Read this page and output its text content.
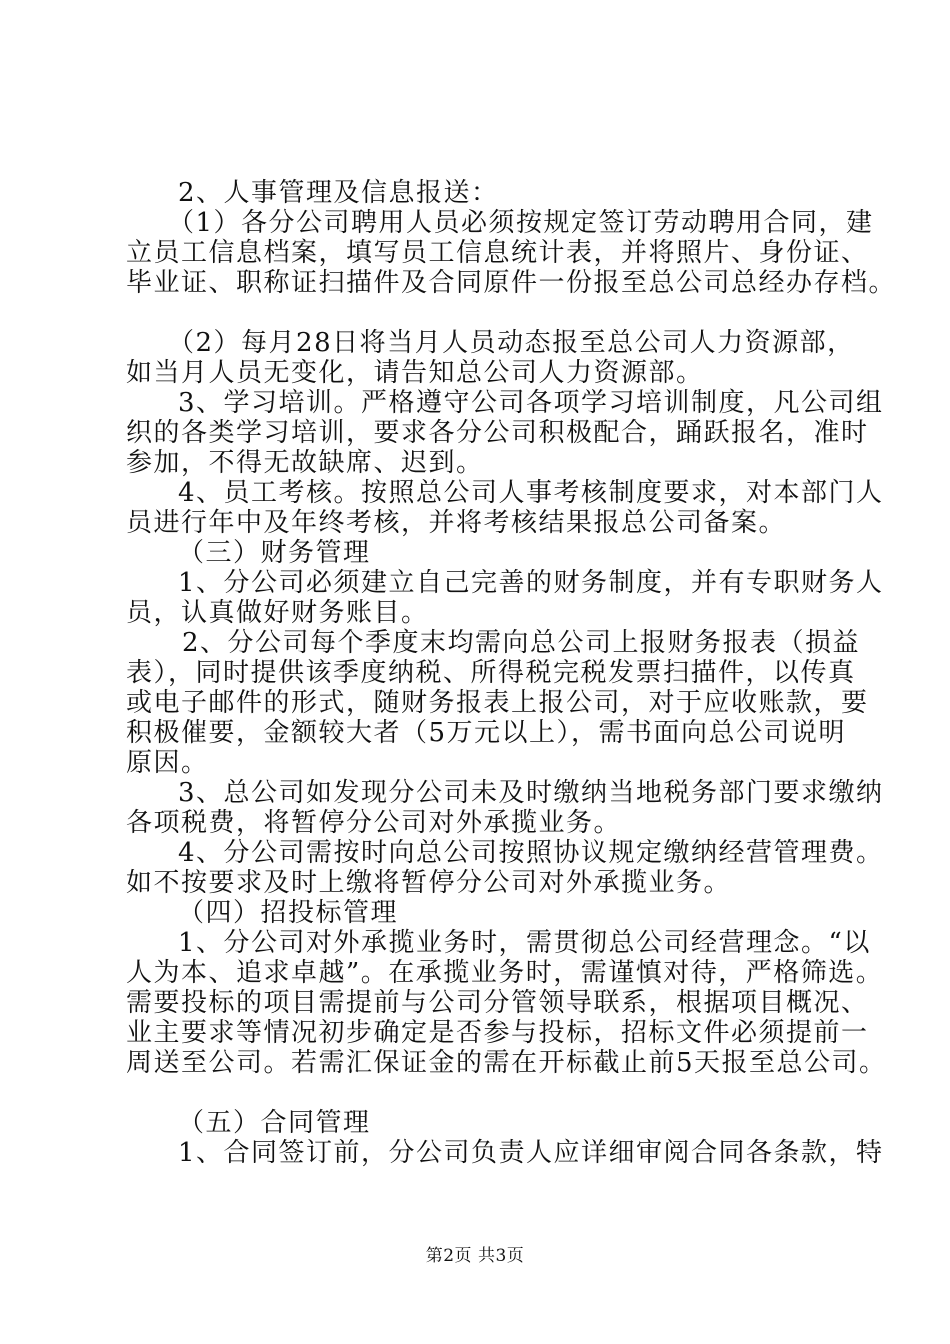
2、人事管理及信息报送：
（1）各分公司聘用人员必须按规定签订劳动聘用合同，建
立员工信息档案，填写员工信息统计表，并将照片、身份证、
毕业证、职称证扫描件及合同原件一份报至总公司总经办存档。
（2）每月28日将当月人员动态报至总公司人力资源部，
如当月人员无变化，请告知总公司人力资源部。
3、学习培训。严格遵守公司各项学习培训制度，凡公司组
织的各类学习培训，要求各分公司积极配合，踊跃报名，准时
参加，不得无故缺席、迟到。
4、员工考核。按照总公司人事考核制度要求，对本部门人
员进行年中及年终考核，并将考核结果报总公司备案。
（三）财务管理
1、分公司必须建立自己完善的财务制度，并有专职财务人
员，认真做好财务账目。
2、分公司每个季度末均需向总公司上报财务报表（损益
表），同时提供该季度纳税、所得税完税发票扫描件，以传真
或电子邮件的形式，随财务报表上报公司，对于应收账款，要
积极催要，金额较大者（5万元以上），需书面向总公司说明
原因。
3、总公司如发现分公司未及时缴纳当地税务部门要求缴纳
各项税费，将暂停分公司对外承揽业务。
4、分公司需按时向总公司按照协议规定缴纳经营管理费。
如不按要求及时上缴将暂停分公司对外承揽业务。
（四）招投标管理
1、分公司对外承揽业务时，需贯彻总公司经营理念。“以
人为本、追求卓越”。在承揽业务时，需谨慎对待，严格筛选。
需要投标的项目需提前与公司分管领导联系，根据项目概况、
业主要求等情况初步确定是否参与投标，招标文件必须提前一
周送至公司。若需汇保证金的需在开标截止前5天报至总公司。
（五）合同管理
1、合同签订前，分公司负责人应详细审阅合同各条款，特
第2页 共3页
